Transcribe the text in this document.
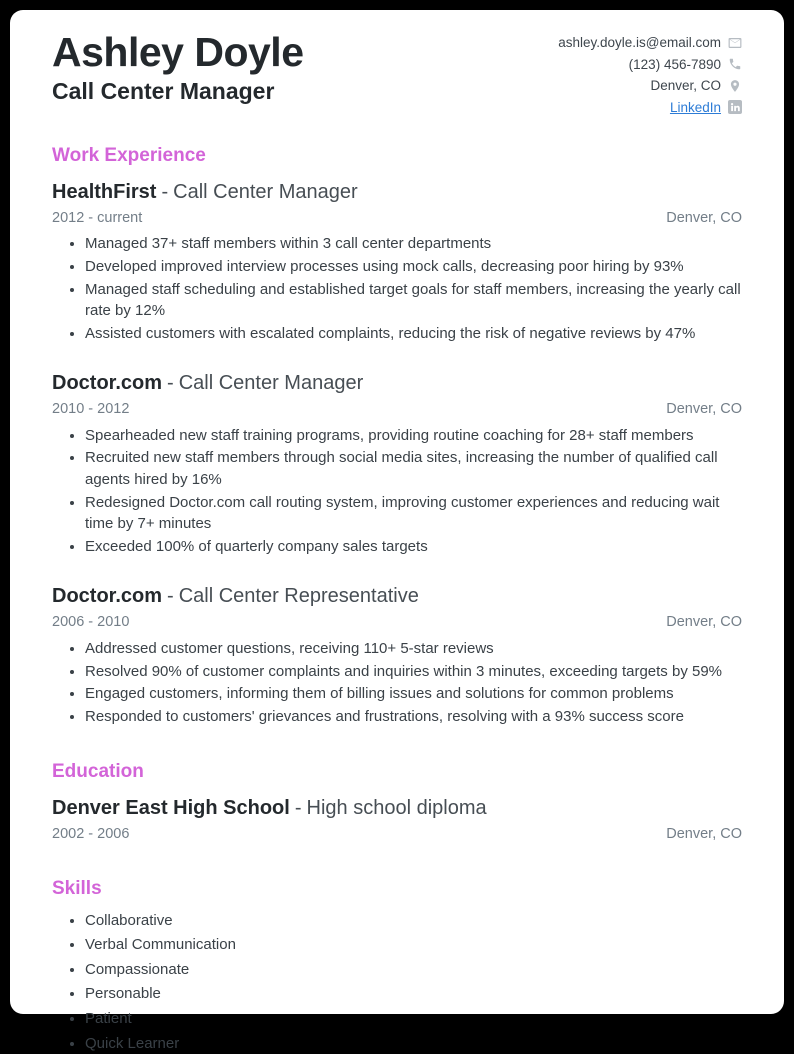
Ashley Doyle
Call Center Manager
ashley.doyle.is@email.com
(123) 456-7890
Denver, CO
LinkedIn
Work Experience
HealthFirst - Call Center Manager
2012 - current	Denver, CO
• Managed 37+ staff members within 3 call center departments
• Developed improved interview processes using mock calls, decreasing poor hiring by 93%
• Managed staff scheduling and established target goals for staff members, increasing the yearly call rate by 12%
• Assisted customers with escalated complaints, reducing the risk of negative reviews by 47%
Doctor.com - Call Center Manager
2010 - 2012	Denver, CO
• Spearheaded new staff training programs, providing routine coaching for 28+ staff members
• Recruited new staff members through social media sites, increasing the number of qualified call agents hired by 16%
• Redesigned Doctor.com call routing system, improving customer experiences and reducing wait time by 7+ minutes
• Exceeded 100% of quarterly company sales targets
Doctor.com - Call Center Representative
2006 - 2010	Denver, CO
• Addressed customer questions, receiving 110+ 5-star reviews
• Resolved 90% of customer complaints and inquiries within 3 minutes, exceeding targets by 59%
• Engaged customers, informing them of billing issues and solutions for common problems
• Responded to customers' grievances and frustrations, resolving with a 93% success score
Education
Denver East High School - High school diploma
2002 - 2006	Denver, CO
Skills
• Collaborative
• Verbal Communication
• Compassionate
• Personable
• Patient
• Quick Learner
